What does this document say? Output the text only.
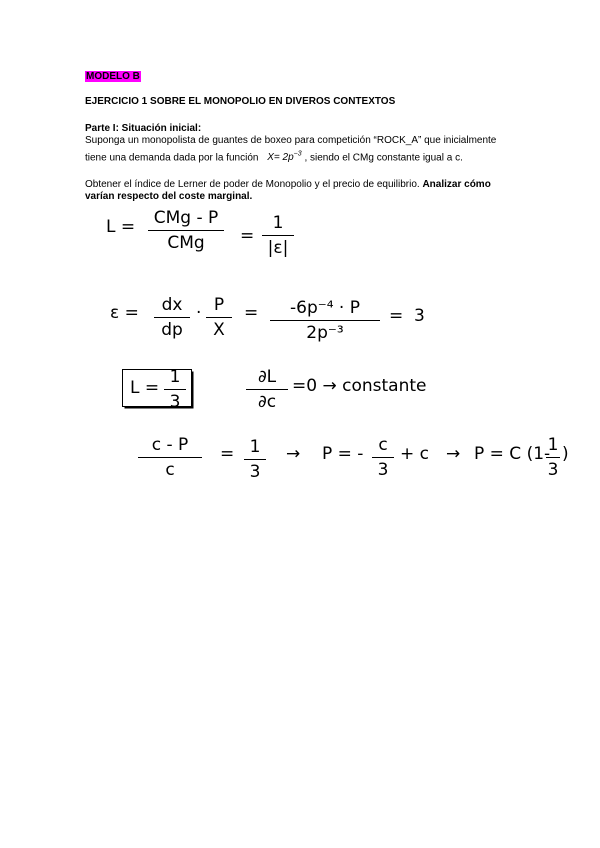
MODELO B
EJERCICIO 1 SOBRE EL MONOPOLIO EN DIVEROS CONTEXTOS
Parte I: Situación inicial:
Suponga un monopolista de guantes de boxeo para competición “ROCK_A” que inicialmente
tiene una demanda dada por la función $X= 2p^{-3}$ , siendo el CMg constante igual a c.
Obtener el índice de Lerner de poder de Monopolio y el precio de equilibrio. Analizar cómo
varían respecto del coste marginal.
L =	CMg - P
CMg	=
1
|ε|
ε =	dx
dp
· P
X
=	-6p⁻⁴ · P
2p⁻³
= 3
L =
1
3
∂L
∂c
=0 → constante
c - P
c
= 1
3
→ P = - c
3
+ c → P = C (1-
1
3
)
